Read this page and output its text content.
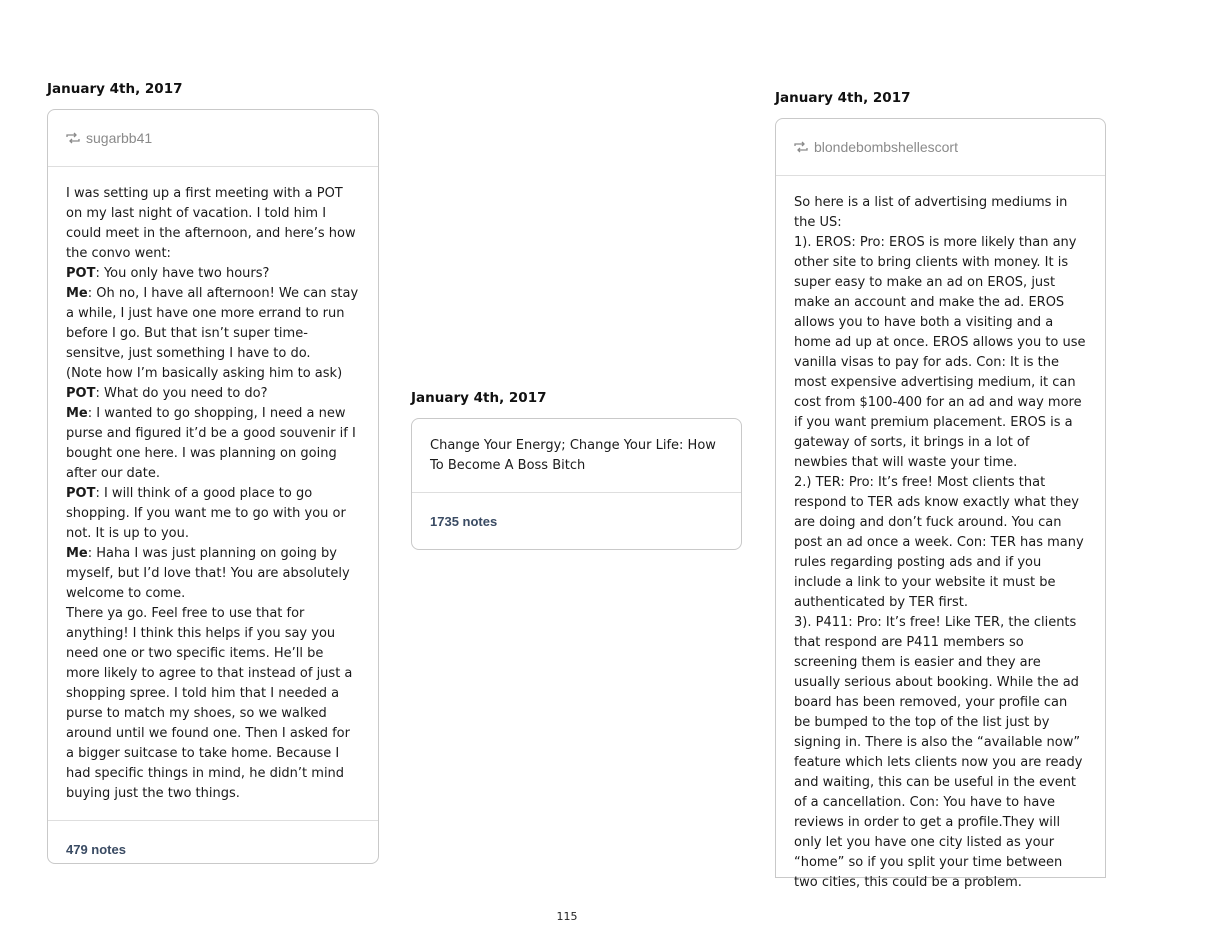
January 4th, 2017
sugarbb41

I was setting up a first meeting with a POT on my last night of vacation. I told him I could meet in the afternoon, and here’s how the convo went:

POT: You only have two hours?

Me: Oh no, I have all afternoon! We can stay a while, I just have one more errand to run before I go. But that isn’t super time-sensitve, just something I have to do.

(Note how I’m basically asking him to ask)

POT: What do you need to do?

Me: I wanted to go shopping, I need a new purse and figured it’d be a good souvenir if I bought one here. I was planning on going after our date.

POT: I will think of a good place to go shopping. If you want me to go with you or not. It is up to you.

Me: Haha I was just planning on going by myself, but I’d love that! You are absolutely welcome to come.

There ya go. Feel free to use that for anything! I think this helps if you say you need one or two specific items. He’ll be more likely to agree to that instead of just a shopping spree. I told him that I needed a purse to match my shoes, so we walked around until we found one. Then I asked for a bigger suitcase to take home. Because I had specific things in mind, he didn’t mind buying just the two things.

479 notes
January 4th, 2017
Change Your Energy; Change Your Life: How To Become A Boss Bitch
1735 notes
January 4th, 2017
blondebombshellescort

So here is a list of advertising mediums in the US:

1). EROS: Pro: EROS is more likely than any other site to bring clients with money. It is super easy to make an ad on EROS, just make an account and make the ad. EROS allows you to have both a visiting and a home ad up at once. EROS allows you to use vanilla visas to pay for ads. Con: It is the most expensive advertising medium, it can cost from $100-400 for an ad and way more if you want premium placement. EROS is a gateway of sorts, it brings in a lot of newbies that will waste your time.

2.) TER: Pro: It’s free! Most clients that respond to TER ads know exactly what they are doing and don’t fuck around. You can post an ad once a week. Con: TER has many rules regarding posting ads and if you include a link to your website it must be authenticated by TER first.

3). P411: Pro: It’s free! Like TER, the clients that respond are P411 members so screening them is easier and they are usually serious about booking. While the ad board has been removed, your profile can be bumped to the top of the list just by signing in. There is also the “available now” feature which lets clients now you are ready and waiting, this can be useful in the event of a cancellation. Con: You have to have reviews in order to get a profile.They will only let you have one city listed as your “home” so if you split your time between two cities, this could be a problem.

115
